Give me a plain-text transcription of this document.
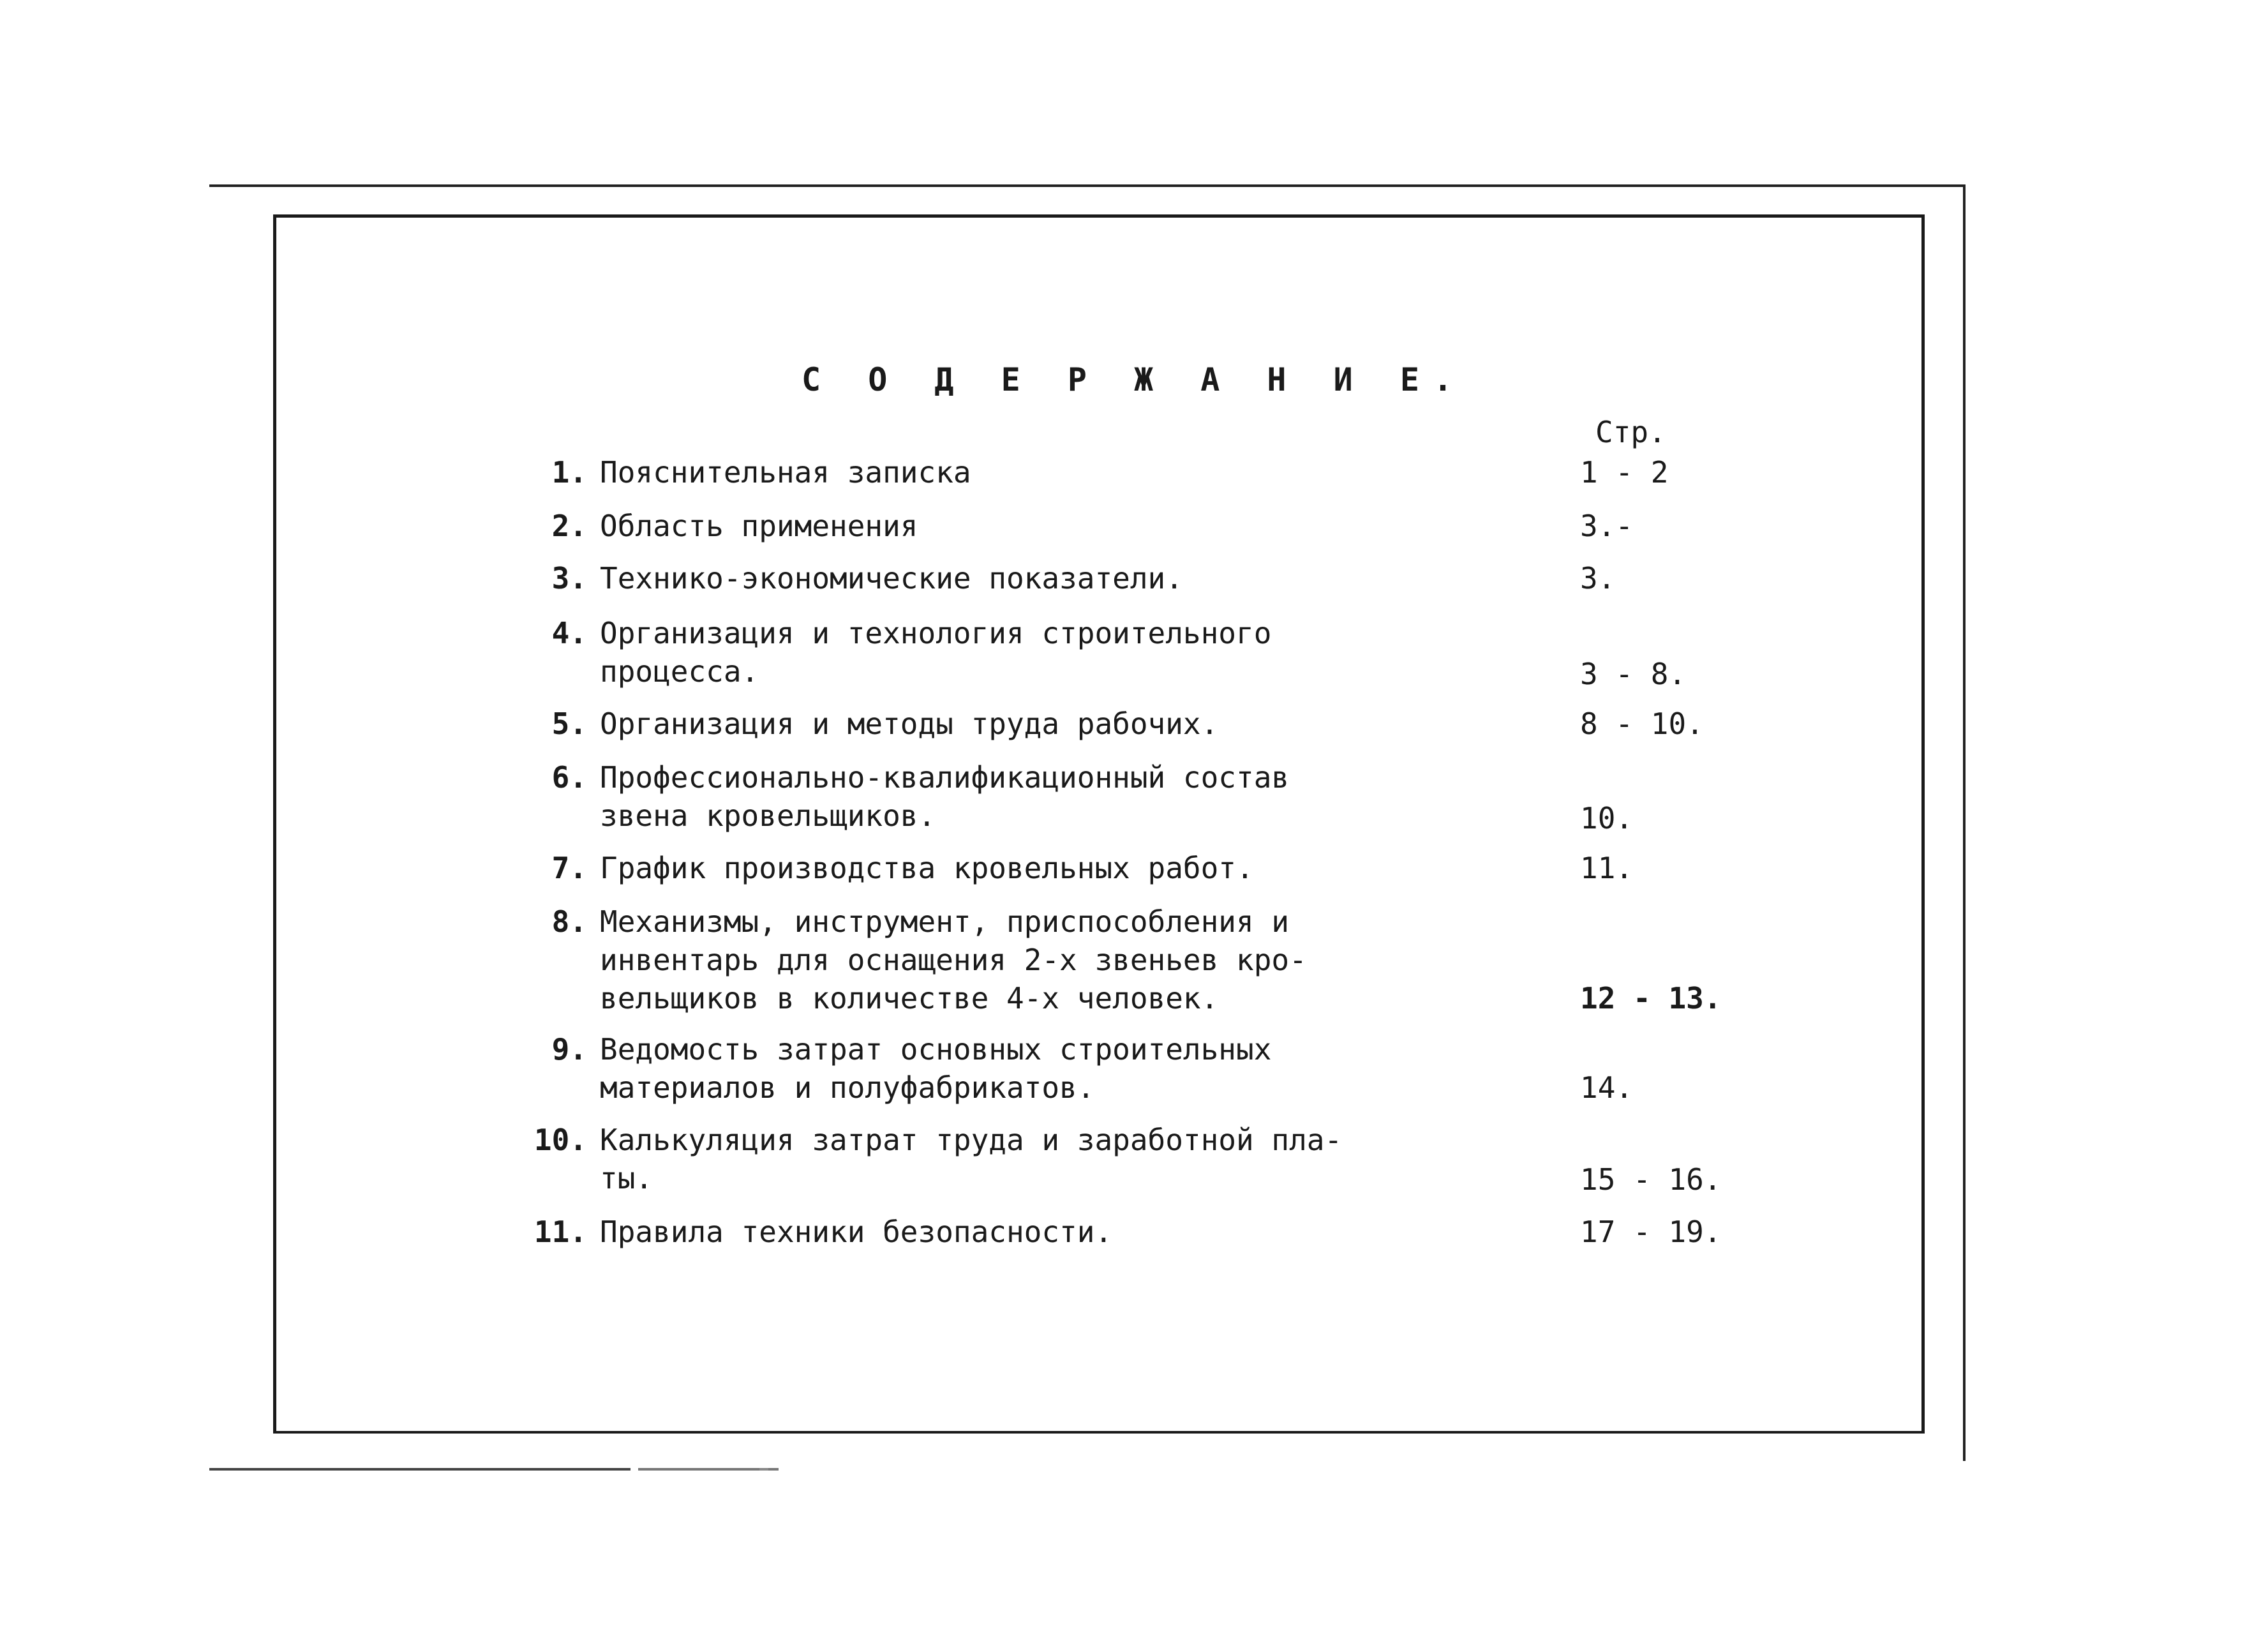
С О Д Е Р Ж А Н И Е.
Стр.
1. Пояснительная записка	1 - 2
2. Область применения	3.-
3. Технико-экономические показатели.	3.
4. Организация и технология строительного
процесса.	3 - 8.
5. Организация и методы труда рабочих.	8 - 10.
6. Профессионально-квалификационный состав
звена кровельщиков.	10.
7. График производства кровельных работ.	11.
8. Механизмы, инструмент, приспособления и
инвентарь для оснащения 2-х звеньев кро-
вельщиков в количестве 4-х человек.	12 - 13.
9. Ведомость затрат основных строительных
материалов и полуфабрикатов.	14.
10. Калькуляция затрат труда и заработной пла-
ты.	15 - 16.
11. Правила техники безопасности.	17 - 19.
